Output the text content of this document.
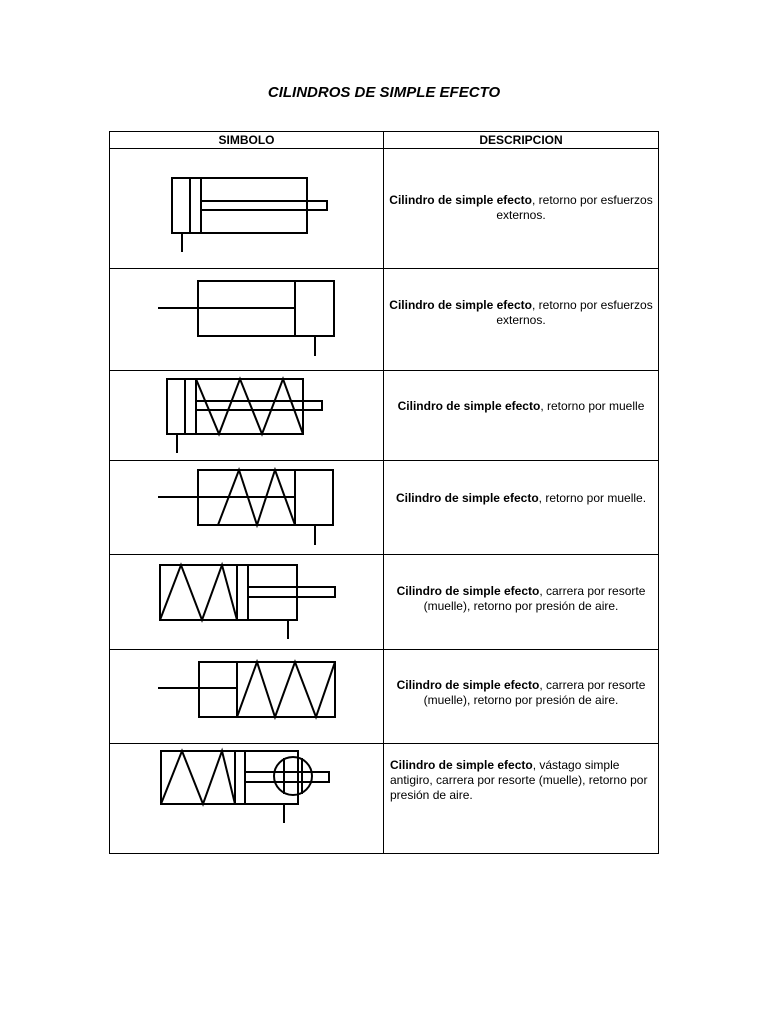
CILINDROS DE SIMPLE EFECTO
SIMBOLO	DESCRIPCION

Cilindro de simple efecto, retorno por esfuerzos externos.

Cilindro de simple efecto, retorno por esfuerzos externos.

Cilindro de simple efecto, retorno por muelle

Cilindro de simple efecto, retorno por muelle.

Cilindro de simple efecto, carrera por resorte (muelle), retorno por presión de aire.

Cilindro de simple efecto, carrera por resorte (muelle), retorno por presión de aire.

Cilindro de simple efecto, vástago simple antigiro, carrera por resorte (muelle), retorno por presión de aire.
